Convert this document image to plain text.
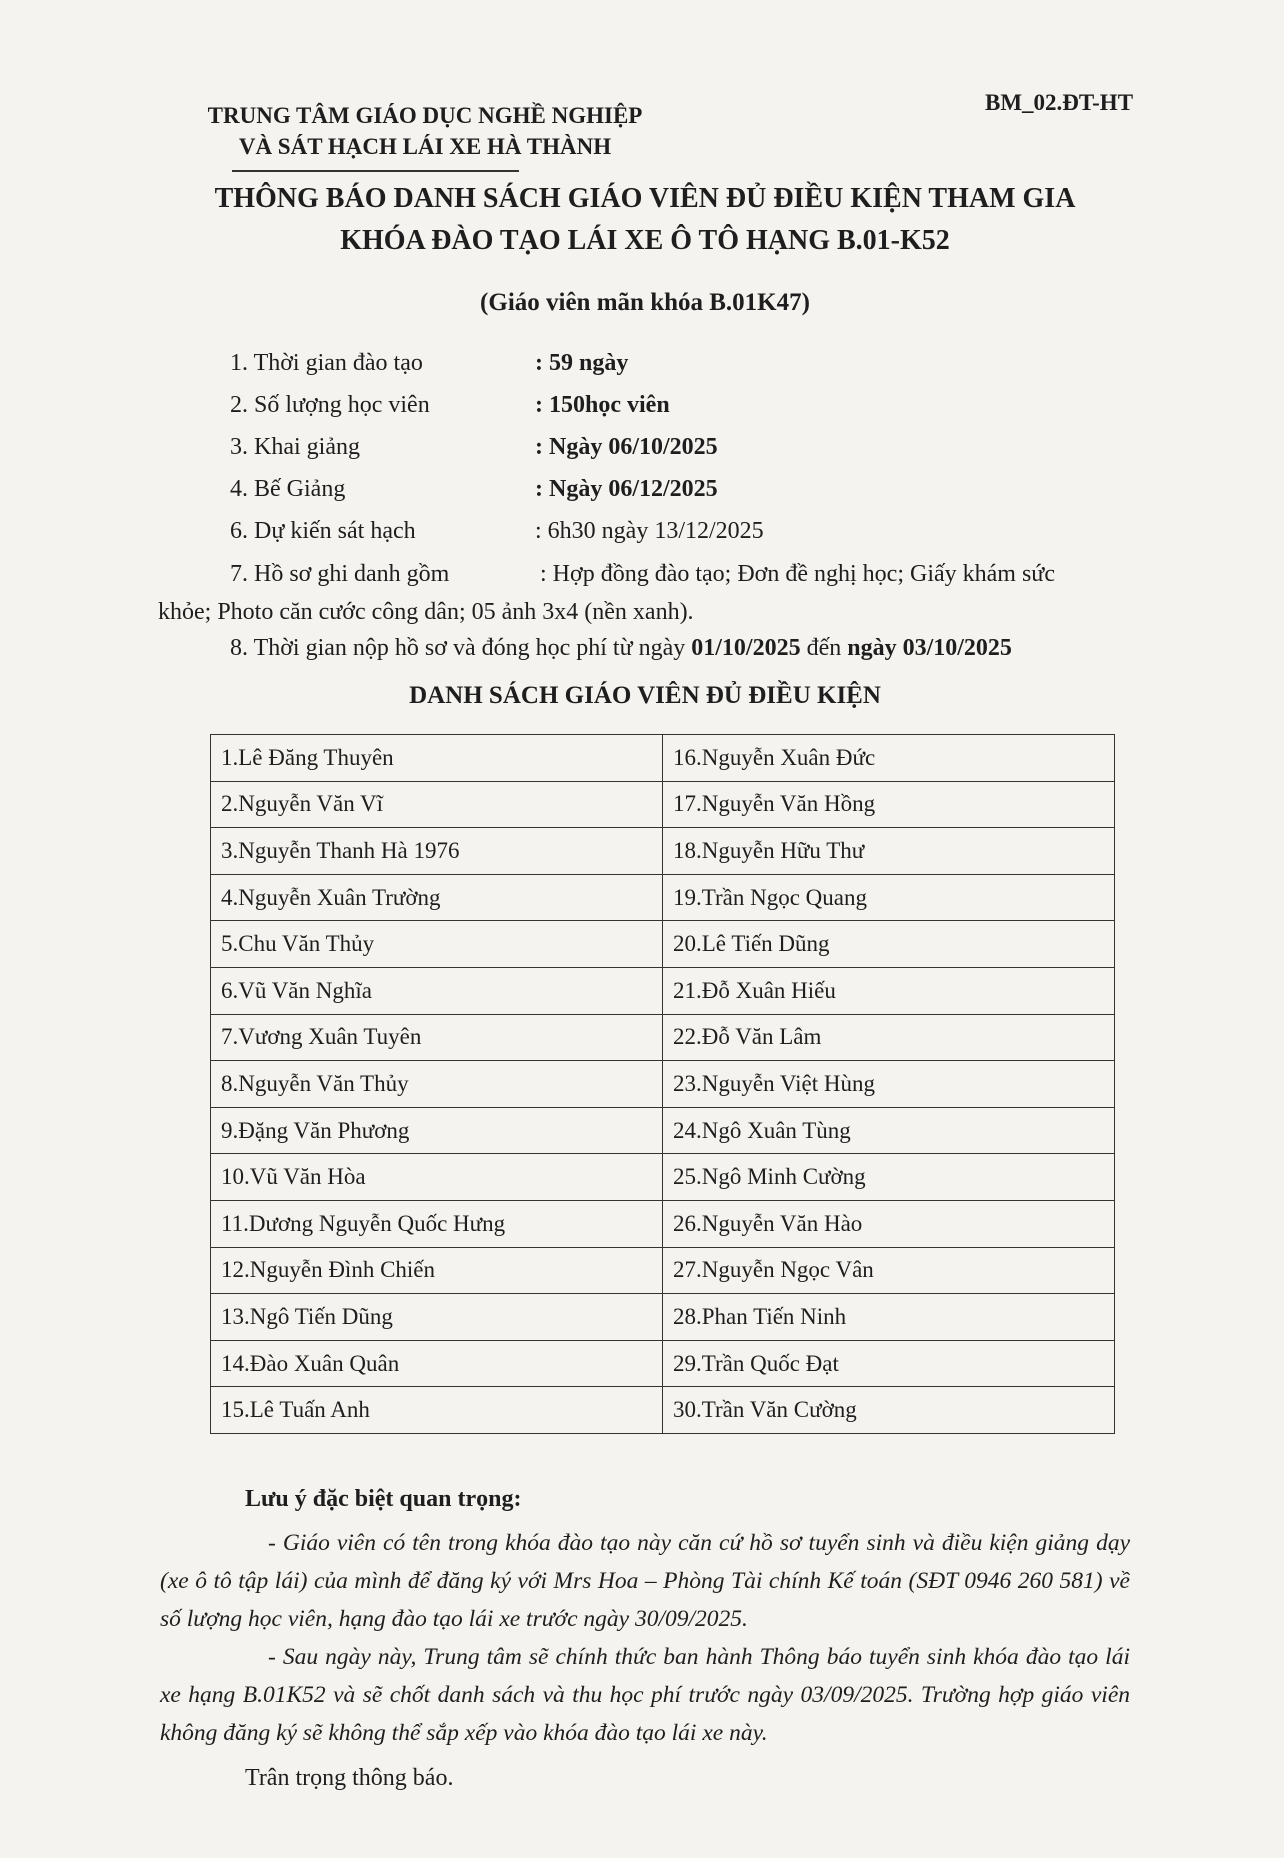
TRUNG TÂM GIÁO DỤC NGHỀ NGHIỆP
VÀ SÁT HẠCH LÁI XE HÀ THÀNH
BM_02.ĐT-HT
THÔNG BÁO DANH SÁCH GIÁO VIÊN ĐỦ ĐIỀU KIỆN THAM GIA
KHÓA ĐÀO TẠO LÁI XE Ô TÔ HẠNG B.01-K52
(Giáo viên mãn khóa B.01K47)
1. Thời gian đào tạo	: 59 ngày
2. Số lượng học viên	: 150học viên
3. Khai giảng	: Ngày 06/10/2025
4. Bế Giảng	: Ngày 06/12/2025
6. Dự kiến sát hạch	: 6h30 ngày 13/12/2025
7. Hồ sơ ghi danh gồm	: Hợp đồng đào tạo; Đơn đề nghị học; Giấy khám sức
khỏe; Photo căn cước công dân; 05 ảnh 3x4 (nền xanh).
8. Thời gian nộp hồ sơ và đóng học phí từ ngày 01/10/2025 đến ngày 03/10/2025
DANH SÁCH GIÁO VIÊN ĐỦ ĐIỀU KIỆN
1.Lê Đăng Thuyên	16.Nguyễn Xuân Đức
2.Nguyễn Văn Vĩ	17.Nguyễn Văn Hồng
3.Nguyễn Thanh Hà 1976	18.Nguyễn Hữu Thư
4.Nguyễn Xuân Trường	19.Trần Ngọc Quang
5.Chu Văn Thủy	20.Lê Tiến Dũng
6.Vũ Văn Nghĩa	21.Đỗ Xuân Hiếu
7.Vương Xuân Tuyên	22.Đỗ Văn Lâm
8.Nguyễn Văn Thủy	23.Nguyễn Việt Hùng
9.Đặng Văn Phương	24.Ngô Xuân Tùng
10.Vũ Văn Hòa	25.Ngô Minh Cường
11.Dương Nguyễn Quốc Hưng	26.Nguyễn Văn Hào
12.Nguyễn Đình Chiến	27.Nguyễn Ngọc Vân
13.Ngô Tiến Dũng	28.Phan Tiến Ninh
14.Đào Xuân Quân	29.Trần Quốc Đạt
15.Lê Tuấn Anh	30.Trần Văn Cường
Lưu ý đặc biệt quan trọng:
- Giáo viên có tên trong khóa đào tạo này căn cứ hồ sơ tuyển sinh và điều kiện giảng dạy (xe ô tô tập lái) của mình để đăng ký với Mrs Hoa – Phòng Tài chính Kế toán (SĐT 0946 260 581) về số lượng học viên, hạng đào tạo lái xe trước ngày 30/09/2025.
- Sau ngày này, Trung tâm sẽ chính thức ban hành Thông báo tuyển sinh khóa đào tạo lái xe hạng B.01K52 và sẽ chốt danh sách và thu học phí trước ngày 03/09/2025. Trường hợp giáo viên không đăng ký sẽ không thể sắp xếp vào khóa đào tạo lái xe này.
Trân trọng thông báo.
